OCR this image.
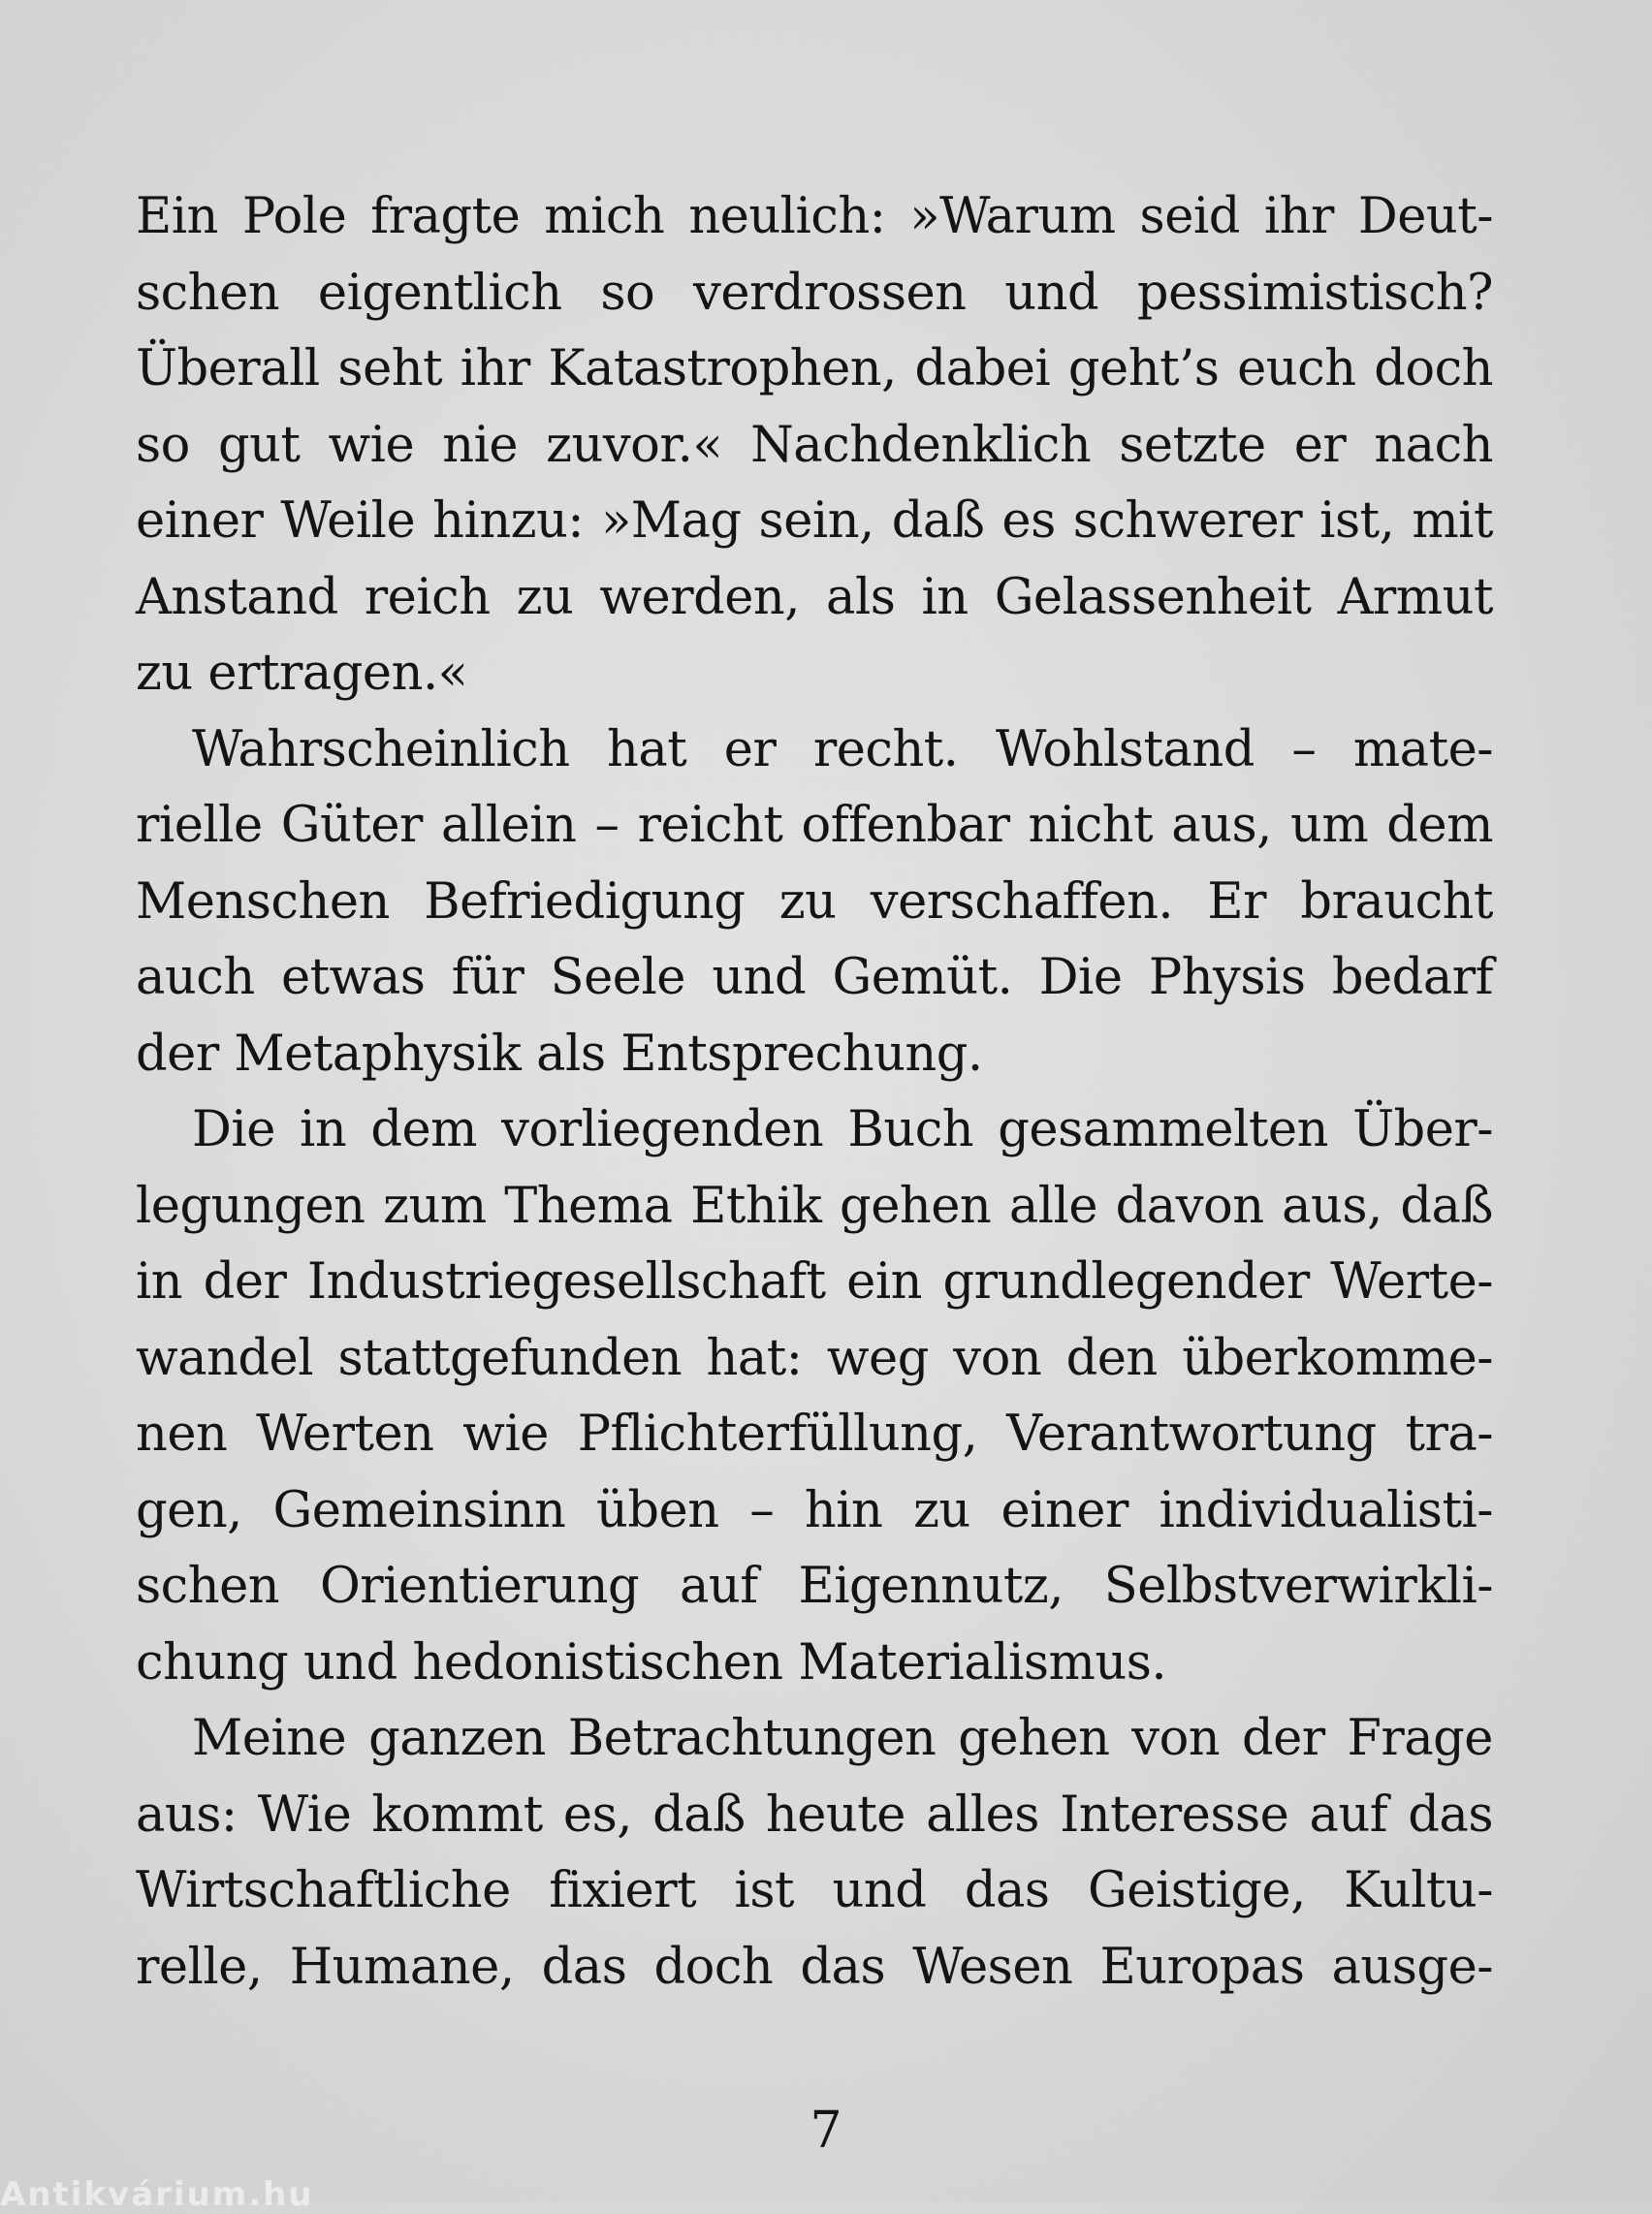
Ein Pole fragte mich neulich: »Warum seid ihr Deut-
schen eigentlich so verdrossen und pessimistisch?
Überall seht ihr Katastrophen, dabei geht’s euch doch
so gut wie nie zuvor.« Nachdenklich setzte er nach
einer Weile hinzu: »Mag sein, daß es schwerer ist, mit
Anstand reich zu werden, als in Gelassenheit Armut
zu ertragen.«
Wahrscheinlich hat er recht. Wohlstand – mate-
rielle Güter allein – reicht offenbar nicht aus, um dem
Menschen Befriedigung zu verschaffen. Er braucht
auch etwas für Seele und Gemüt. Die Physis bedarf
der Metaphysik als Entsprechung.
Die in dem vorliegenden Buch gesammelten Über-
legungen zum Thema Ethik gehen alle davon aus, daß
in der Industriegesellschaft ein grundlegender Werte-
wandel stattgefunden hat: weg von den überkomme-
nen Werten wie Pflichterfüllung, Verantwortung tra-
gen, Gemeinsinn üben – hin zu einer individualisti-
schen Orientierung auf Eigennutz, Selbstverwirkli-
chung und hedonistischen Materialismus.
Meine ganzen Betrachtungen gehen von der Frage
aus: Wie kommt es, daß heute alles Interesse auf das
Wirtschaftliche fixiert ist und das Geistige, Kultu-
relle, Humane, das doch das Wesen Europas ausge-
7
Antikvárium.hu
